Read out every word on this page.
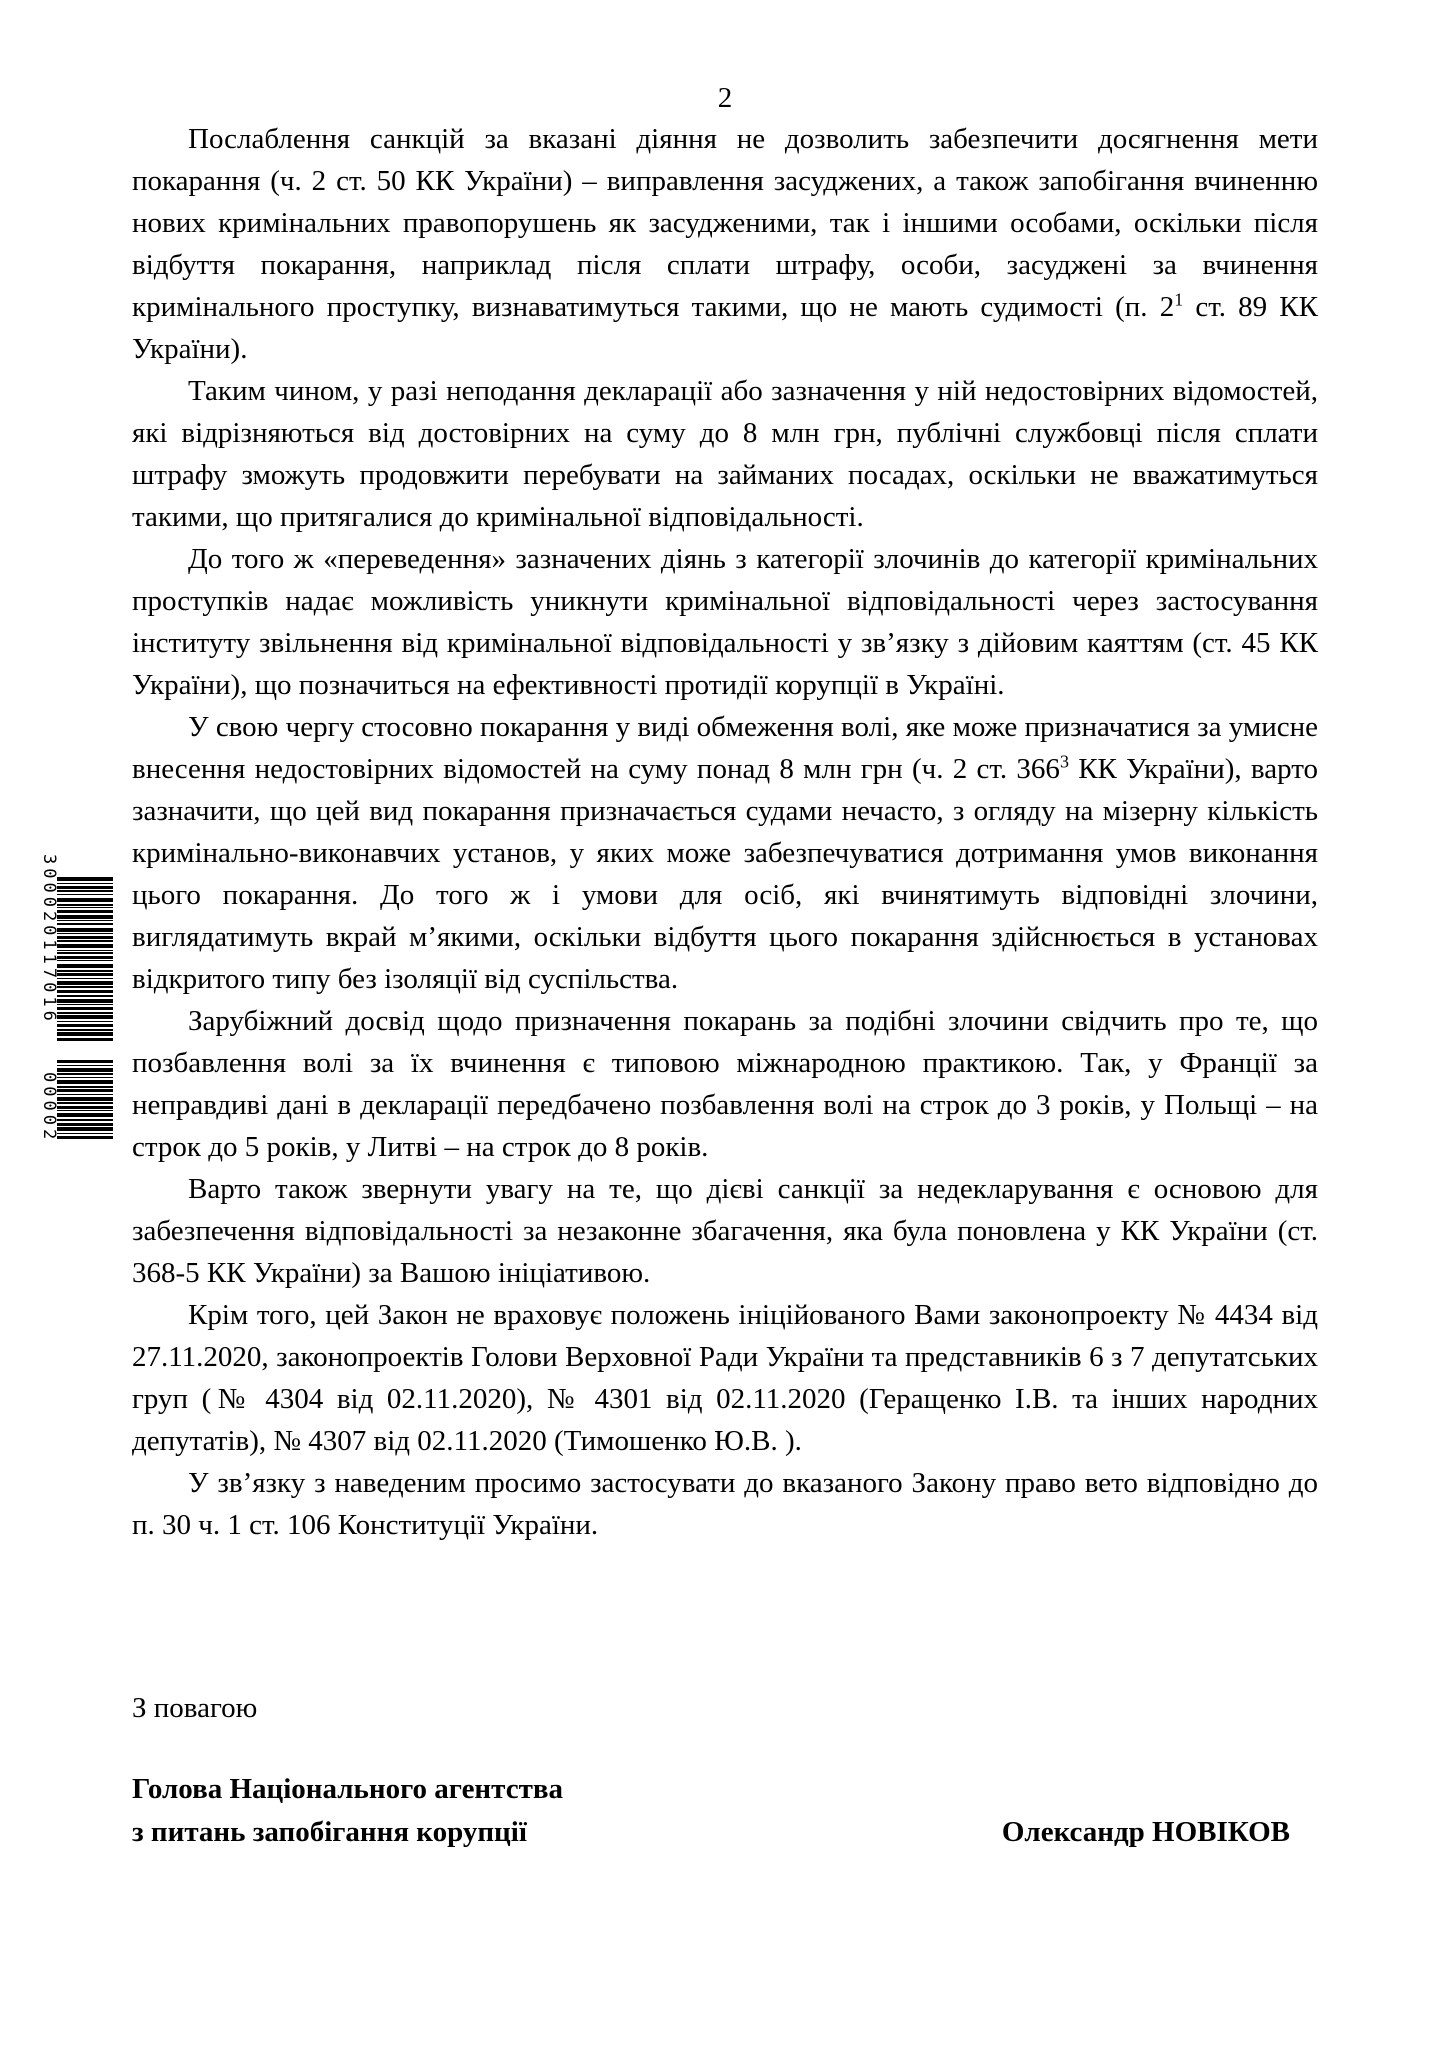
2

Послаблення санкцій за вказані діяння не дозволить забезпечити досягнення мети покарання (ч. 2 ст. 50 КК України) – виправлення засуджених, а також запобігання вчиненню нових кримінальних правопорушень як засудженими, так і іншими особами, оскільки після відбуття покарання, наприклад після сплати штрафу, особи, засуджені за вчинення кримінального проступку, визнаватимуться такими, що не мають судимості (п. $2^1$ ст. 89 КК України).

Таким чином, у разі неподання декларації або зазначення у ній недостовірних відомостей, які відрізняються від достовірних на суму до 8 млн грн, публічні службовці після сплати штрафу зможуть продовжити перебувати на займаних посадах, оскільки не вважатимуться такими, що притягалися до кримінальної відповідальності.

До того ж «переведення» зазначених діянь з категорії злочинів до категорії кримінальних проступків надає можливість уникнути кримінальної відповідальності через застосування інституту звільнення від кримінальної відповідальності у зв’язку з дійовим каяттям (ст. 45 КК України), що позначиться на ефективності протидії корупції в Україні.

У свою чергу стосовно покарання у виді обмеження волі, яке може призначатися за умисне внесення недостовірних відомостей на суму понад 8 млн грн (ч. 2 ст. $366^3$ КК України), варто зазначити, що цей вид покарання призначається судами нечасто, з огляду на мізерну кількість кримінально-виконавчих установ, у яких може забезпечуватися дотримання умов виконання цього покарання. До того ж і умови для осіб, які вчинятимуть відповідні злочини, виглядатимуть вкрай м’якими, оскільки відбуття цього покарання здійснюється в установах відкритого типу без ізоляції від суспільства.

Зарубіжний досвід щодо призначення покарань за подібні злочини свідчить про те, що позбавлення волі за їх вчинення є типовою міжнародною практикою. Так, у Франції за неправдиві дані в декларації передбачено позбавлення волі на строк до 3 років, у Польщі – на строк до 5 років, у Литві – на строк до 8 років.

Варто також звернути увагу на те, що дієві санкції за недекларування є основою для забезпечення відповідальності за незаконне збагачення, яка була поновлена у КК України (ст. 368-5 КК України) за Вашою ініціативою.

Крім того, цей Закон не враховує положень ініційованого Вами законопроекту № 4434 від 27.11.2020, законопроектів Голови Верховної Ради України та представників 6 з 7 депутатських груп (№ 4304 від 02.11.2020), № 4301 від 02.11.2020 (Геращенко І.В. та інших народних депутатів), № 4307 від 02.11.2020 (Тимошенко Ю.В. ).

У зв’язку з наведеним просимо застосувати до вказаного Закону право вето відповідно до п. 30 ч. 1 ст. 106 Конституції України.

З повагою
Голова Національного агентства
з питань запобігання корупції	Олександр НОВІКОВ
300020117016
00002
